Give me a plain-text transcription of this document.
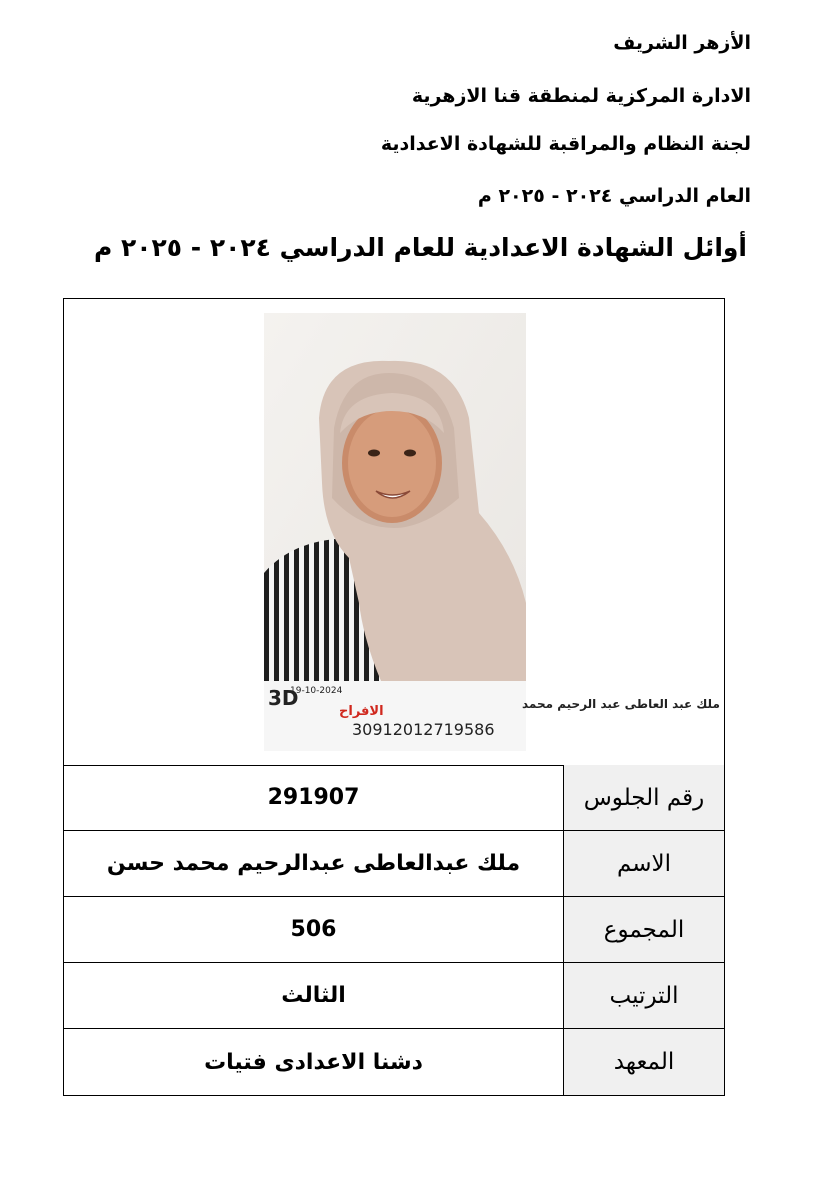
الأزهر الشريف
الادارة المركزية لمنطقة قنا الازهرية
لجنة النظام والمراقبة للشهادة الاعدادية
العام الدراسي ٢٠٢٤ - ٢٠٢٥ م
أوائل الشهادة الاعدادية للعام الدراسي ٢٠٢٤ - ٢٠٢٥ م
3D
19-10-2024
ملك عبد العاطى عبد الرحيم محمد
الافراح
30912012719586
291907	رقم الجلوس
ملك عبدالعاطى عبدالرحيم محمد حسن	الاسم
506	المجموع
الثالث	الترتيب
دشنا الاعدادى فتيات	المعهد
